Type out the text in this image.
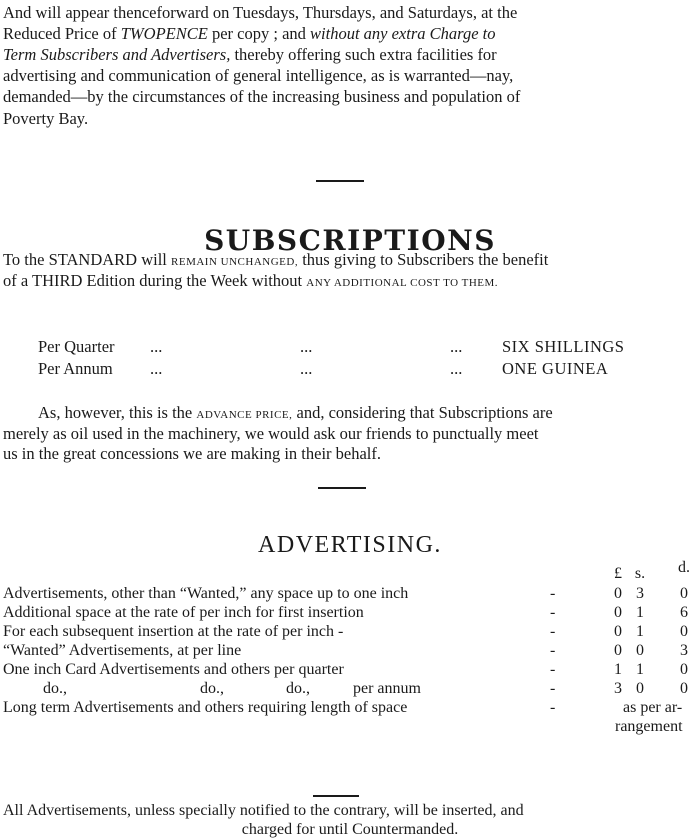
And will appear thenceforward on Tuesdays, Thursdays, and Saturdays, at the
Reduced Price of TWOPENCE per copy ; and without any extra Charge to
Term Subscribers and Advertisers, thereby offering such extra facilities for
advertising and communication of general intelligence, as is warranted—nay,
demanded—by the circumstances of the increasing business and population of
Poverty Bay.
SUBSCRIPTIONS
To the STANDARD will REMAIN UNCHANGED, thus giving to Subscribers the benefit
of a THIRD Edition during the Week without ANY ADDITIONAL COST TO THEM.
Per Quarter ...	...	... SIX SHILLINGS
Per Annum ...	...	... ONE GUINEA
As, however, this is the ADVANCE PRICE, and, considering that Subscriptions are
merely as oil used in the machinery, we would ask our friends to punctually meet
us in the great concessions we are making in their behalf.
ADVERTISING.
£ s. d.
Advertisements, other than “Wanted,” any space up to one inch	-	0 3 0
Additional space at the rate of per inch for first insertion	-	0 1 6
For each subsequent insertion at the rate of per inch -	-	0 1 0
“Wanted” Advertisements, at per line	-	0 0 3
One inch Card Advertisements and others per quarter	-	1 1 0
do.,	do.,	do.,	per annum	-	3 0 0
Long term Advertisements and others requiring length of space	-	as per ar-
rangement
All Advertisements, unless specially notified to the contrary, will be inserted, and
charged for until Countermanded.
